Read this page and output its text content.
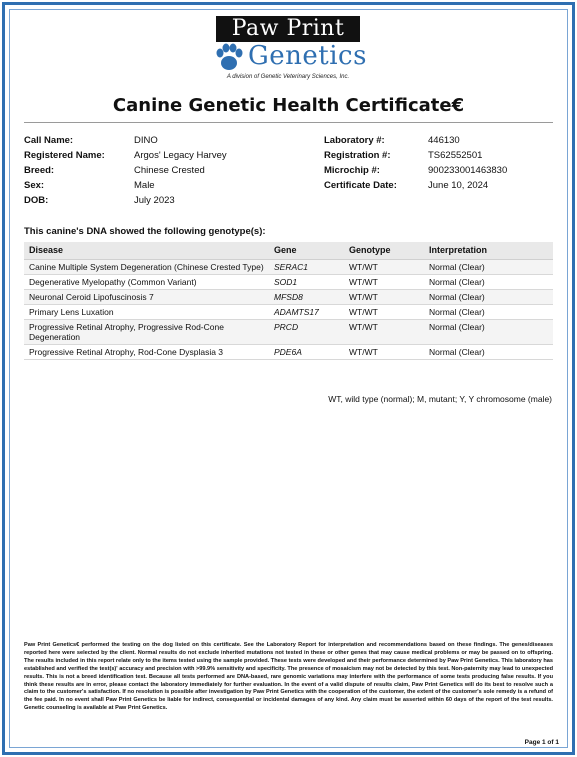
Paw Print
Genetics
A division of Genetic Veterinary Sciences, Inc.
Canine Genetic Health Certificate€
Call Name:	DINO
Registered Name:	Argos' Legacy Harvey
Breed:	Chinese Crested
Sex:	Male
DOB:	July 2023
Laboratory #:	446130
Registration #:	TS62552501
Microchip #:	900233001463830
Certificate Date:	June 10, 2024
This canine's DNA showed the following genotype(s):
Disease	Gene	Genotype	Interpretation
Canine Multiple System Degeneration (Chinese Crested Type)	SERAC1	WT/WT	Normal (Clear)
Degenerative Myelopathy (Common Variant)	SOD1	WT/WT	Normal (Clear)
Neuronal Ceroid Lipofuscinosis 7	MFSD8	WT/WT	Normal (Clear)
Primary Lens Luxation	ADAMTS17	WT/WT	Normal (Clear)
Progressive Retinal Atrophy, Progressive Rod-Cone Degeneration	PRCD	WT/WT	Normal (Clear)
Progressive Retinal Atrophy, Rod-Cone Dysplasia 3	PDE6A	WT/WT	Normal (Clear)
WT, wild type (normal); M, mutant; Y, Y chromosome (male)
Paw Print Genetics€ performed the testing on the dog listed on this certificate. See the Laboratory Report for interpretation and recommendations based on these findings. The genes/diseases reported here were selected by the client. Normal results do not exclude inherited mutations not tested in these or other genes that may cause medical problems or may be passed on to offspring. The results included in this report relate only to the items tested using the sample provided. These tests were developed and their performance determined by Paw Print Genetics. This laboratory has established and verified the test(s)' accuracy and precision with >99.9% sensitivity and specificity. The presence of mosaicism may not be detected by this test. Non-paternity may lead to unexpected results. This is not a breed identification test. Because all tests performed are DNA-based, rare genomic variations may interfere with the performance of some tests producing false results. If you think these results are in error, please contact the laboratory immediately for further evaluation. In the event of a valid dispute of results claim, Paw Print Genetics will do its best to resolve such a claim to the customer's satisfaction. If no resolution is possible after investigation by Paw Print Genetics with the cooperation of the customer, the extent of the customer's sole remedy is a refund of the fee paid. In no event shall Paw Print Genetics be liable for indirect, consequential or incidental damages of any kind. Any claim must be asserted within 60 days of the report of the test results. Genetic counseling is available at Paw Print Genetics.
Page 1 of 1
